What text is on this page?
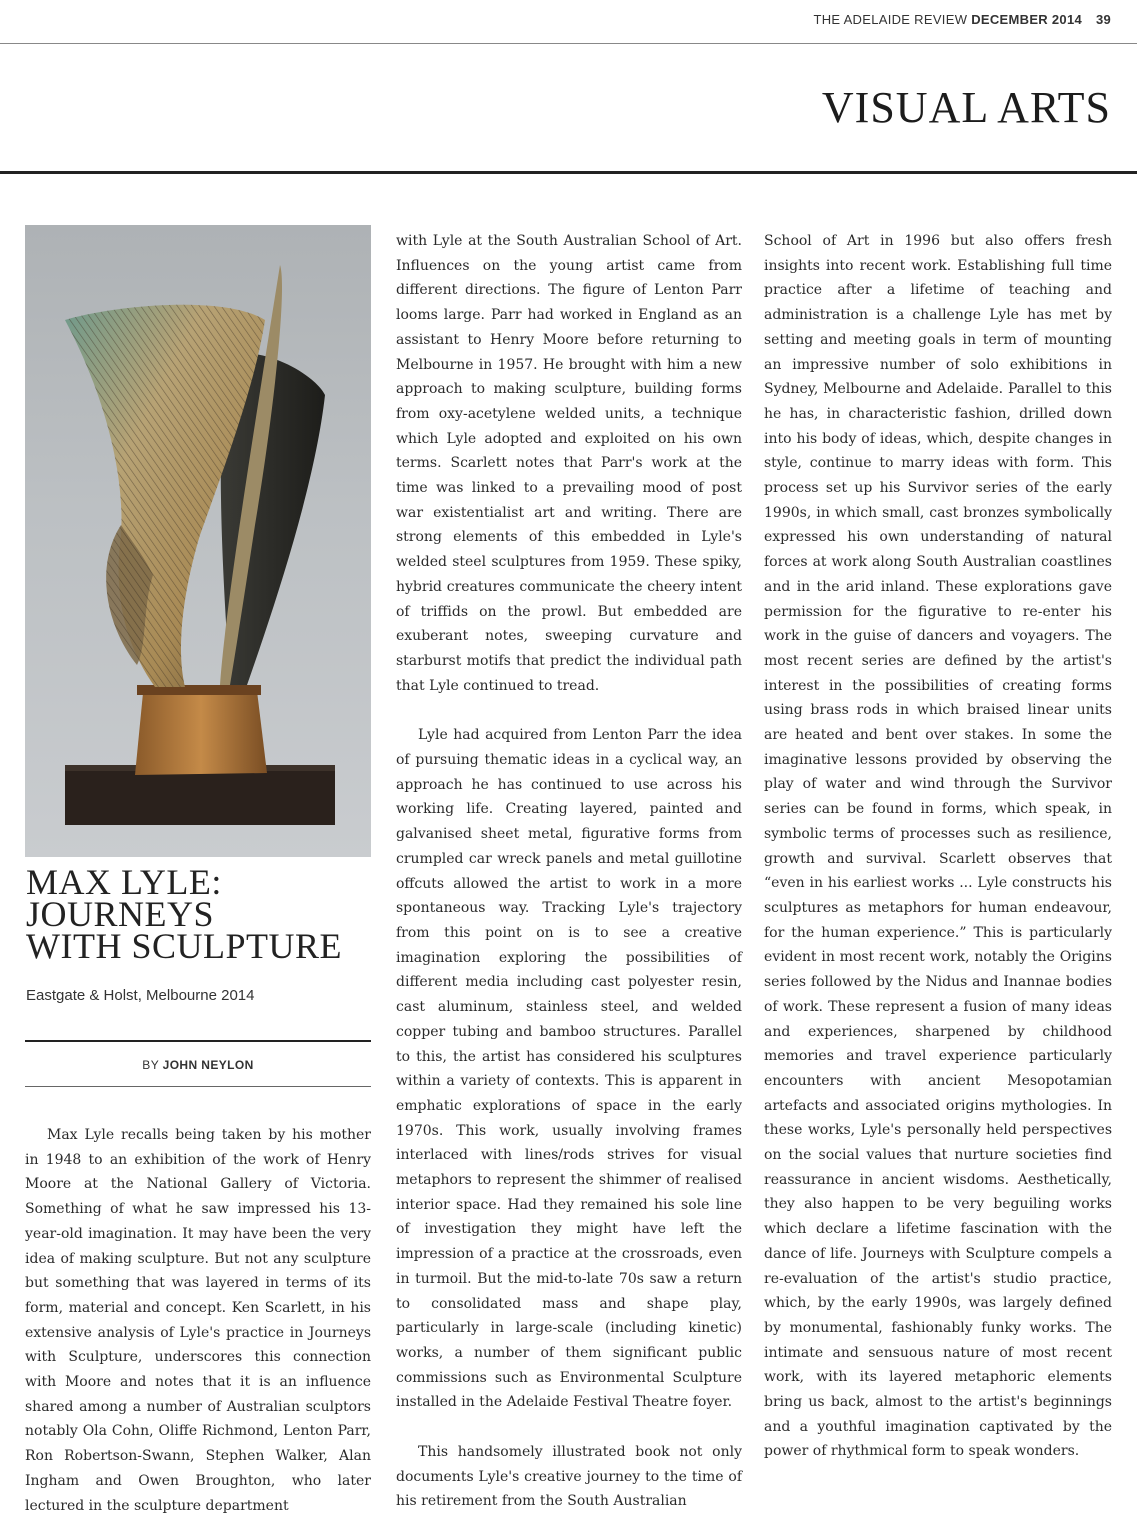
THE ADELAIDE REVIEW DECEMBER 2014 39
VISUAL ARTS
MAX LYLE:
JOURNEYS
WITH SCULPTURE
Eastgate & Holst, Melbourne 2014
BY JOHN NEYLON

Max Lyle recalls being taken by his mother in 1948 to an exhibition of the work of Henry Moore at the National Gallery of Victoria. Something of what he saw impressed his 13-year-old imagination. It may have been the very idea of making sculpture. But not any sculpture but something that was layered in terms of its form, material and concept. Ken Scarlett, in his extensive analysis of Lyle's practice in Journeys with Sculpture, underscores this connection with Moore and notes that it is an influence shared among a number of Australian sculptors notably Ola Cohn, Oliffe Richmond, Lenton Parr, Ron Robertson-Swann, Stephen Walker, Alan Ingham and Owen Broughton, who later lectured in the sculpture department

with Lyle at the South Australian School of Art. Influences on the young artist came from different directions. The figure of Lenton Parr looms large. Parr had worked in England as an assistant to Henry Moore before returning to Melbourne in 1957. He brought with him a new approach to making sculpture, building forms from oxy-acetylene welded units, a technique which Lyle adopted and exploited on his own terms. Scarlett notes that Parr's work at the time was linked to a prevailing mood of post war existentialist art and writing. There are strong elements of this embedded in Lyle's welded steel sculptures from 1959. These spiky, hybrid creatures communicate the cheery intent of triffids on the prowl. But embedded are exuberant notes, sweeping curvature and starburst motifs that predict the individual path that Lyle continued to tread.

Lyle had acquired from Lenton Parr the idea of pursuing thematic ideas in a cyclical way, an approach he has continued to use across his working life. Creating layered, painted and galvanised sheet metal, figurative forms from crumpled car wreck panels and metal guillotine offcuts allowed the artist to work in a more spontaneous way. Tracking Lyle's trajectory from this point on is to see a creative imagination exploring the possibilities of different media including cast polyester resin, cast aluminum, stainless steel, and welded copper tubing and bamboo structures. Parallel to this, the artist has considered his sculptures within a variety of contexts. This is apparent in emphatic explorations of space in the early 1970s. This work, usually involving frames interlaced with lines/rods strives for visual metaphors to represent the shimmer of realised interior space. Had they remained his sole line of investigation they might have left the impression of a practice at the crossroads, even in turmoil. But the mid-to-late 70s saw a return to consolidated mass and shape play, particularly in large-scale (including kinetic) works, a number of them significant public commissions such as Environmental Sculpture installed in the Adelaide Festival Theatre foyer.

This handsomely illustrated book not only documents Lyle's creative journey to the time of his retirement from the South Australian

School of Art in 1996 but also offers fresh insights into recent work. Establishing full time practice after a lifetime of teaching and administration is a challenge Lyle has met by setting and meeting goals in term of mounting an impressive number of solo exhibitions in Sydney, Melbourne and Adelaide. Parallel to this he has, in characteristic fashion, drilled down into his body of ideas, which, despite changes in style, continue to marry ideas with form. This process set up his Survivor series of the early 1990s, in which small, cast bronzes symbolically expressed his own understanding of natural forces at work along South Australian coastlines and in the arid inland. These explorations gave permission for the figurative to re-enter his work in the guise of dancers and voyagers. The most recent series are defined by the artist's interest in the possibilities of creating forms using brass rods in which braised linear units are heated and bent over stakes. In some the imaginative lessons provided by observing the play of water and wind through the Survivor series can be found in forms, which speak, in symbolic terms of processes such as resilience, growth and survival. Scarlett observes that “even in his earliest works ... Lyle constructs his sculptures as metaphors for human endeavour, for the human experience.” This is particularly evident in most recent work, notably the Origins series followed by the Nidus and Inannae bodies of work. These represent a fusion of many ideas and experiences, sharpened by childhood memories and travel experience particularly encounters with ancient Mesopotamian artefacts and associated origins mythologies. In these works, Lyle's personally held perspectives on the social values that nurture societies find reassurance in ancient wisdoms. Aesthetically, they also happen to be very beguiling works which declare a lifetime fascination with the dance of life. Journeys with Sculpture compels a re-evaluation of the artist's studio practice, which, by the early 1990s, was largely defined by monumental, fashionably funky works. The intimate and sensuous nature of most recent work, with its layered metaphoric elements bring us back, almost to the artist's beginnings and a youthful imagination captivated by the power of rhythmical form to speak wonders.
